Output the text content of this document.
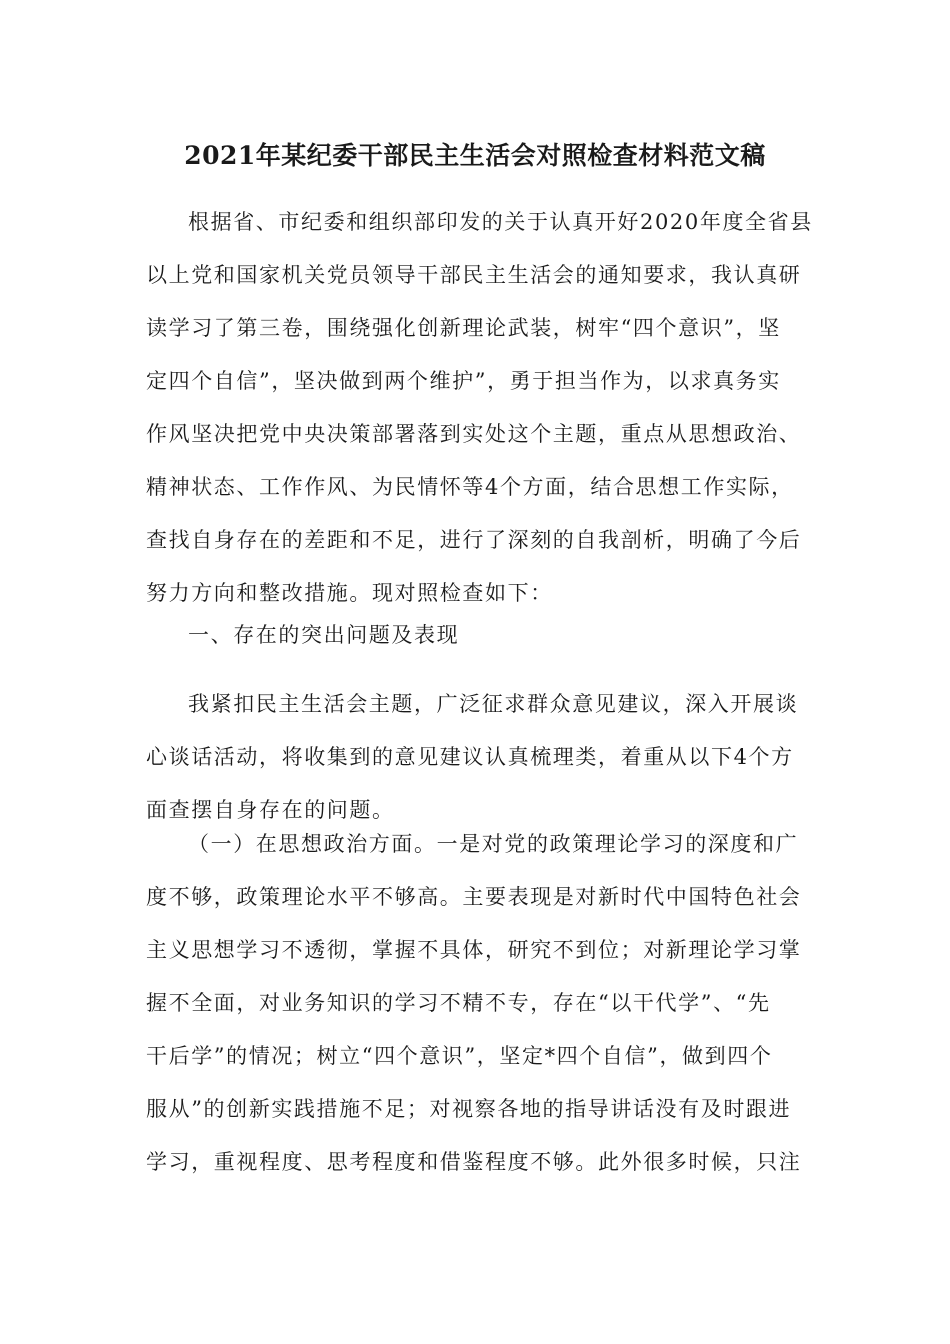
2021年某纪委干部民主生活会对照检查材料范文稿
根据省、市纪委和组织部印发的关于认真开好2020年度全省县
以上党和国家机关党员领导干部民主生活会的通知要求，我认真研
读学习了第三卷，围绕强化创新理论武装，树牢“四个意识”，坚
定四个自信”，坚决做到两个维护”，勇于担当作为，以求真务实
作风坚决把党中央决策部署落到实处这个主题，重点从思想政治、
精神状态、工作作风、为民情怀等4个方面，结合思想工作实际，
查找自身存在的差距和不足，进行了深刻的自我剖析，明确了今后
努力方向和整改措施。现对照检查如下：
一、存在的突出问题及表现
我紧扣民主生活会主题，广泛征求群众意见建议，深入开展谈
心谈话活动，将收集到的意见建议认真梳理类，着重从以下4个方
面查摆自身存在的问题。
（一）在思想政治方面。一是对党的政策理论学习的深度和广
度不够，政策理论水平不够高。主要表现是对新时代中国特色社会
主义思想学习不透彻，掌握不具体，研究不到位；对新理论学习掌
握不全面，对业务知识的学习不精不专，存在“以干代学”、“先
干后学”的情况；树立“四个意识”，坚定*四个自信”，做到四个
服从”的创新实践措施不足；对视察各地的指导讲话没有及时跟进
学习，重视程度、思考程度和借鉴程度不够。此外很多时候，只注
